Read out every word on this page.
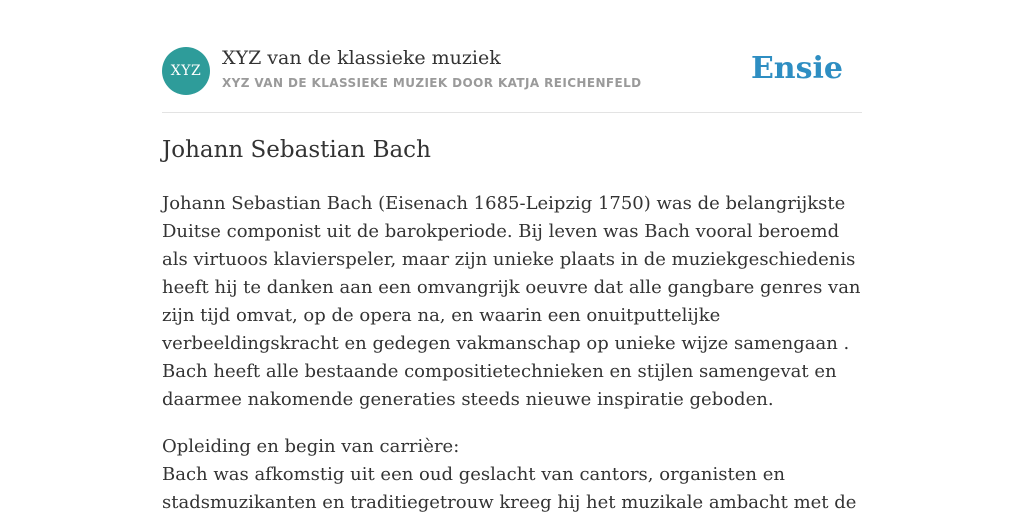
XYZ
XYZ van de klassieke muziek
XYZ VAN DE KLASSIEKE MUZIEK DOOR KATJA REICHENFELD	Ensie
Johann Sebastian Bach

Johann Sebastian Bach (Eisenach 1685-Leipzig 1750) was de belangrijkste Duitse componist uit de barokperiode. Bij leven was Bach vooral beroemd als virtuoos klavierspeler, maar zijn unieke plaats in de muziekgeschiedenis heeft hij te danken aan een omvangrijk oeuvre dat alle gangbare genres van zijn tijd omvat, op de opera na, en waarin een onuitputtelijke verbeeldingskracht en gedegen vakmanschap op unieke wijze samengaan . Bach heeft alle bestaande compositietechnieken en stijlen samengevat en daarmee nakomende generaties steeds nieuwe inspiratie geboden.

Opleiding en begin van carrière:
Bach was afkomstig uit een oud geslacht van cantors, organisten en stadsmuzikanten en traditiegetrouw kreeg hij het muzikale ambacht met de
